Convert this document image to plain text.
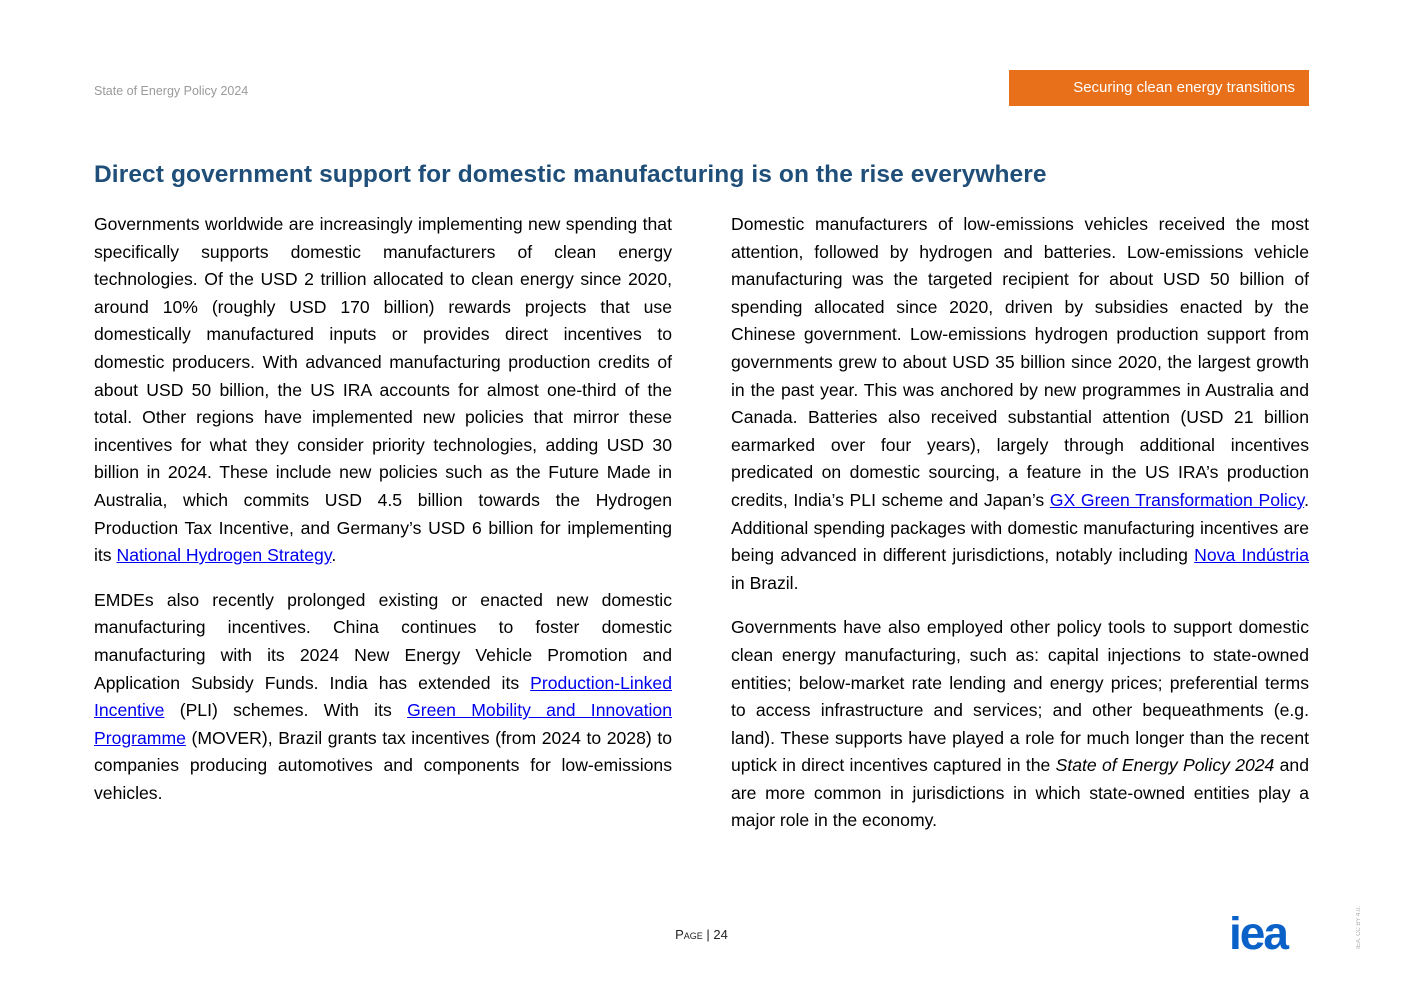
State of Energy Policy 2024	Securing clean energy transitions
Direct government support for domestic manufacturing is on the rise everywhere

Governments worldwide are increasingly implementing new spending that specifically supports domestic manufacturers of clean energy technologies. Of the USD 2 trillion allocated to clean energy since 2020, around 10% (roughly USD 170 billion) rewards projects that use domestically manufactured inputs or provides direct incentives to domestic producers. With advanced manufacturing production credits of about USD 50 billion, the US IRA accounts for almost one-third of the total. Other regions have implemented new policies that mirror these incentives for what they consider priority technologies, adding USD 30 billion in 2024. These include new policies such as the Future Made in Australia, which commits USD 4.5 billion towards the Hydrogen Production Tax Incentive, and Germany’s USD 6 billion for implementing its National Hydrogen Strategy.

EMDEs also recently prolonged existing or enacted new domestic manufacturing incentives. China continues to foster domestic manufacturing with its 2024 New Energy Vehicle Promotion and Application Subsidy Funds. India has extended its Production-Linked Incentive (PLI) schemes. With its Green Mobility and Innovation Programme (MOVER), Brazil grants tax incentives (from 2024 to 2028) to companies producing automotives and components for low-emissions vehicles.

Domestic manufacturers of low-emissions vehicles received the most attention, followed by hydrogen and batteries. Low-emissions vehicle manufacturing was the targeted recipient for about USD 50 billion of spending allocated since 2020, driven by subsidies enacted by the Chinese government. Low-emissions hydrogen production support from governments grew to about USD 35 billion since 2020, the largest growth in the past year. This was anchored by new programmes in Australia and Canada. Batteries also received substantial attention (USD 21 billion earmarked over four years), largely through additional incentives predicated on domestic sourcing, a feature in the US IRA’s production credits, India’s PLI scheme and Japan’s GX Green Transformation Policy. Additional spending packages with domestic manufacturing incentives are being advanced in different jurisdictions, notably including Nova Indústria in Brazil.

Governments have also employed other policy tools to support domestic clean energy manufacturing, such as: capital injections to state-owned entities; below-market rate lending and energy prices; preferential terms to access infrastructure and services; and other bequeathments (e.g. land). These supports have played a role for much longer than the recent uptick in direct incentives captured in the State of Energy Policy 2024 and are more common in jurisdictions in which state-owned entities play a major role in the economy.

Page | 24	iea	IEA. CC BY 4.0.
